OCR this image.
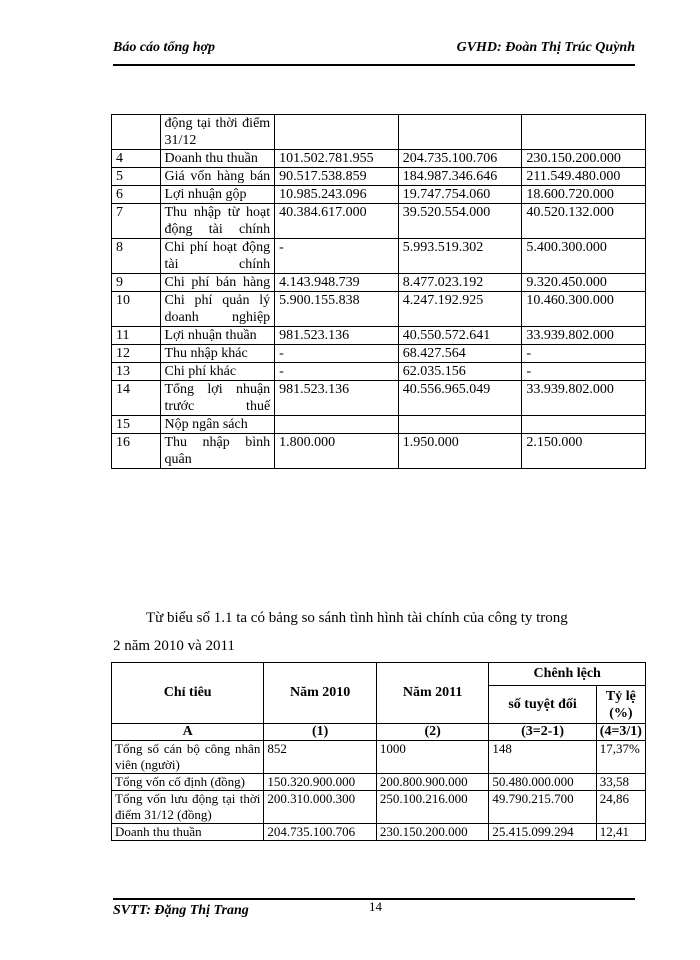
Báo cáo tổng hợp	GVHD: Đoàn Thị Trúc Quỳnh
	động tại thời điểm 31/12			
4	Doanh thu thuần	101.502.781.955	204.735.100.706	230.150.200.000
5	Giá vốn hàng bán	90.517.538.859	184.987.346.646	211.549.480.000
6	Lợi nhuận gộp	10.985.243.096	19.747.754.060	18.600.720.000
7	Thu nhập từ hoạt động tài chính	40.384.617.000	39.520.554.000	40.520.132.000
8	Chi phí hoạt động tài chính	-	5.993.519.302	5.400.300.000
9	Chi phí bán hàng	4.143.948.739	8.477.023.192	9.320.450.000
10	Chi phí quản lý doanh nghiệp	5.900.155.838	4.247.192.925	10.460.300.000
11	Lợi nhuận thuần	981.523.136	40.550.572.641	33.939.802.000
12	Thu nhập khác	-	68.427.564	-
13	Chi phí khác	-	62.035.156	-
14	Tổng lợi nhuận trước thuế	981.523.136	40.556.965.049	33.939.802.000
15	Nộp ngân sách			
16	Thu nhập bình quân	1.800.000	1.950.000	2.150.000
Từ biểu số 1.1 ta có bảng so sánh tình hình tài chính của công ty trong
2 năm 2010 và 2011
Chỉ tiêu	Năm 2010	Năm 2011	Chênh lệch	
			số tuyệt đối	Tỷ lệ (%)
A	(1)	(2)	(3=2-1)	(4=3/1)
Tổng số cán bộ công nhân viên (người)	852	1000	148	17,37%
Tổng vốn cố định (đồng)	150.320.900.000	200.800.900.000	50.480.000.000	33,58
Tổng vốn lưu động tại thời điểm 31/12 (đồng)	200.310.000.300	250.100.216.000	49.790.215.700	24,86
Doanh thu thuần	204.735.100.706	230.150.200.000	25.415.099.294	12,41
SVTT: Đặng Thị Trang	14
